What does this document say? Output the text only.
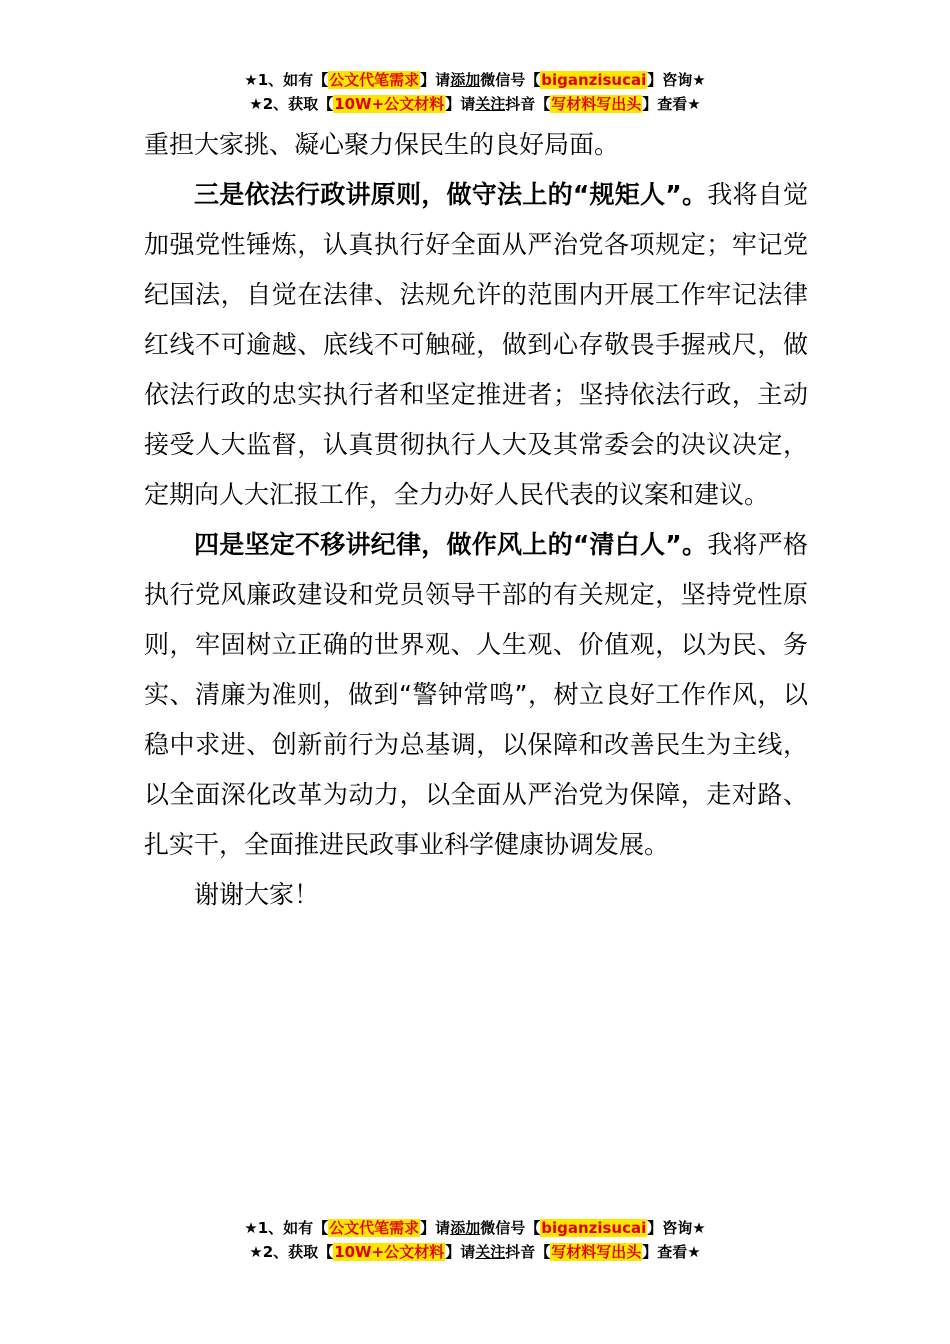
★1、如有【公文代笔需求】请添加微信号【biganzisucai】咨询★
★2、获取【10W+公文材料】请关注抖音【写材料写出头】查看★

重担大家挑、凝心聚力保民生的良好局面。

三是依法行政讲原则，做守法上的“规矩人”。我将自觉加强党性锤炼，认真执行好全面从严治党各项规定；牢记党纪国法，自觉在法律、法规允许的范围内开展工作牢记法律红线不可逾越、底线不可触碰，做到心存敬畏手握戒尺，做依法行政的忠实执行者和坚定推进者；坚持依法行政，主动接受人大监督，认真贯彻执行人大及其常委会的决议决定，定期向人大汇报工作，全力办好人民代表的议案和建议。

四是坚定不移讲纪律，做作风上的“清白人”。我将严格执行党风廉政建设和党员领导干部的有关规定，坚持党性原则，牢固树立正确的世界观、人生观、价值观，以为民、务实、清廉为准则，做到“警钟常鸣”，树立良好工作作风，以稳中求进、创新前行为总基调，以保障和改善民生为主线，以全面深化改革为动力，以全面从严治党为保障，走对路、扎实干，全面推进民政事业科学健康协调发展。

谢谢大家！

★1、如有【公文代笔需求】请添加微信号【biganzisucai】咨询★
★2、获取【10W+公文材料】请关注抖音【写材料写出头】查看★
